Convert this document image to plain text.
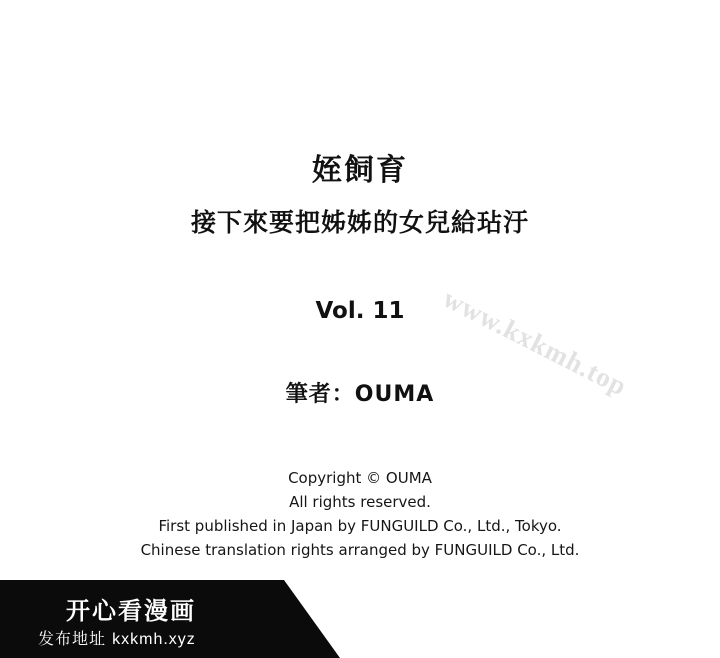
www.kxkmh.top
姪飼育
接下來要把姊姊的女兒給玷汙
Vol. 11
筆者：OUMA
Copyright © OUMA
All rights reserved.
First published in Japan by FUNGUILD Co., Ltd., Tokyo.
Chinese translation rights arranged by FUNGUILD Co., Ltd.
开心看漫画
发布地址 kxkmh.xyz
